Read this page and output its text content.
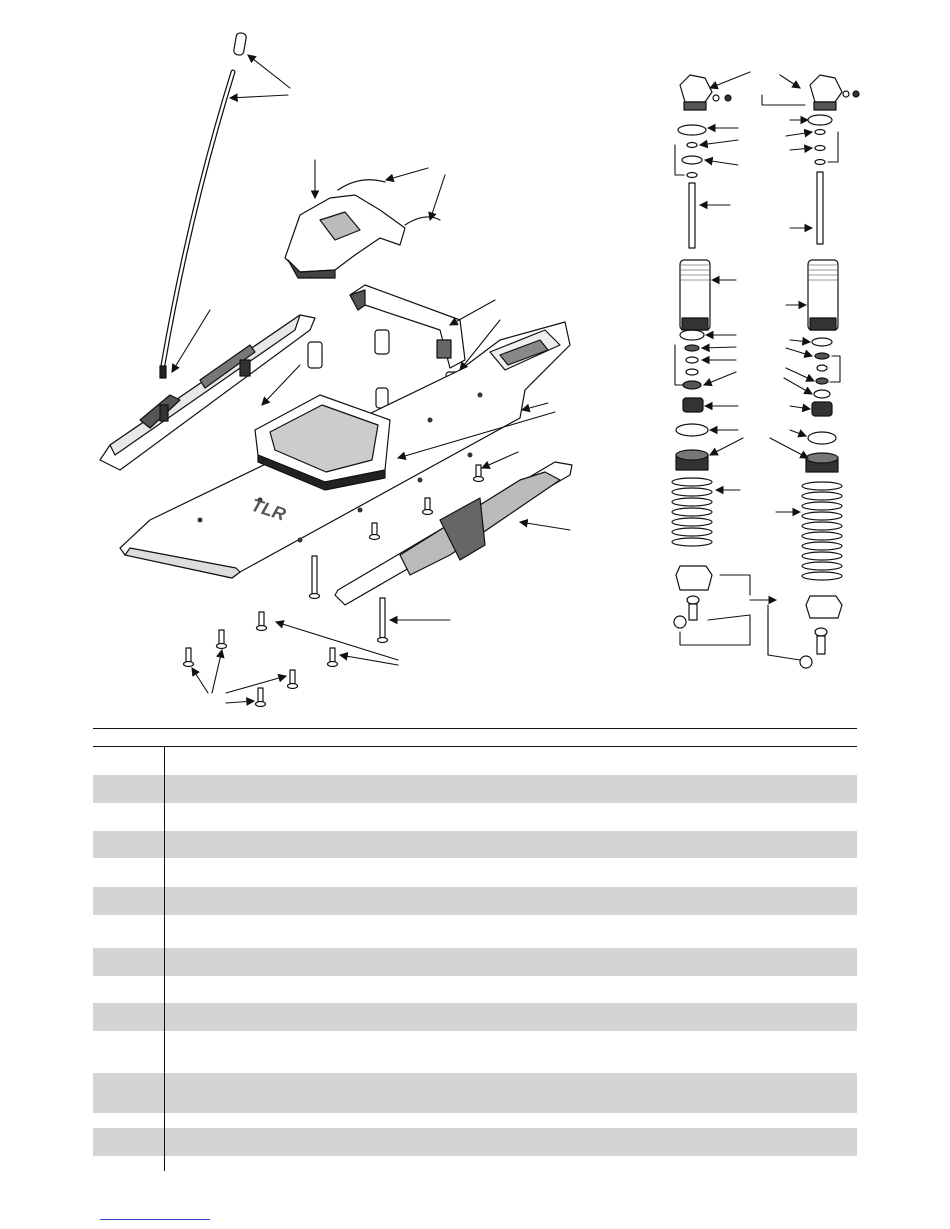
TLR
